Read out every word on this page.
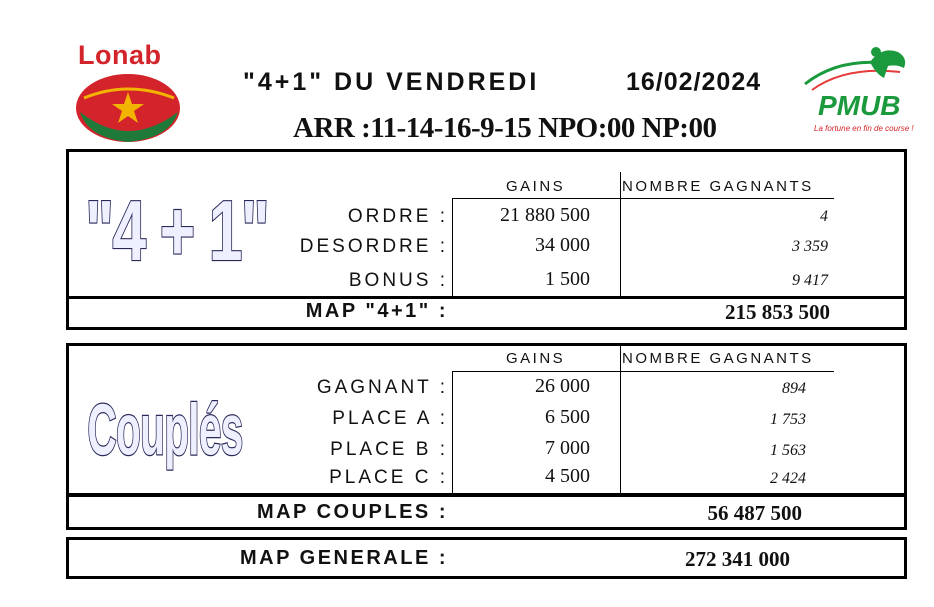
Lonab
PMUB
La fortune en fin de course !
"4+1" DU VENDREDI	16/02/2024
ARR :11-14-16-9-15 NPO:00 NP:00
"4 + 1"	GAINS	NOMBRE GAGNANTS
ORDRE :	21 880 500	4
DESORDRE :	34 000	3 359
BONUS :	1 500	9 417
MAP "4+1" :	215 853 500
Couplés
GAINS	NOMBRE GAGNANTS
GAGNANT :	26 000	894
PLACE A :	6 500	1 753
PLACE B :	7 000	1 563
PLACE C :	4 500	2 424
MAP COUPLES :	56 487 500
MAP GENERALE :	272 341 000
